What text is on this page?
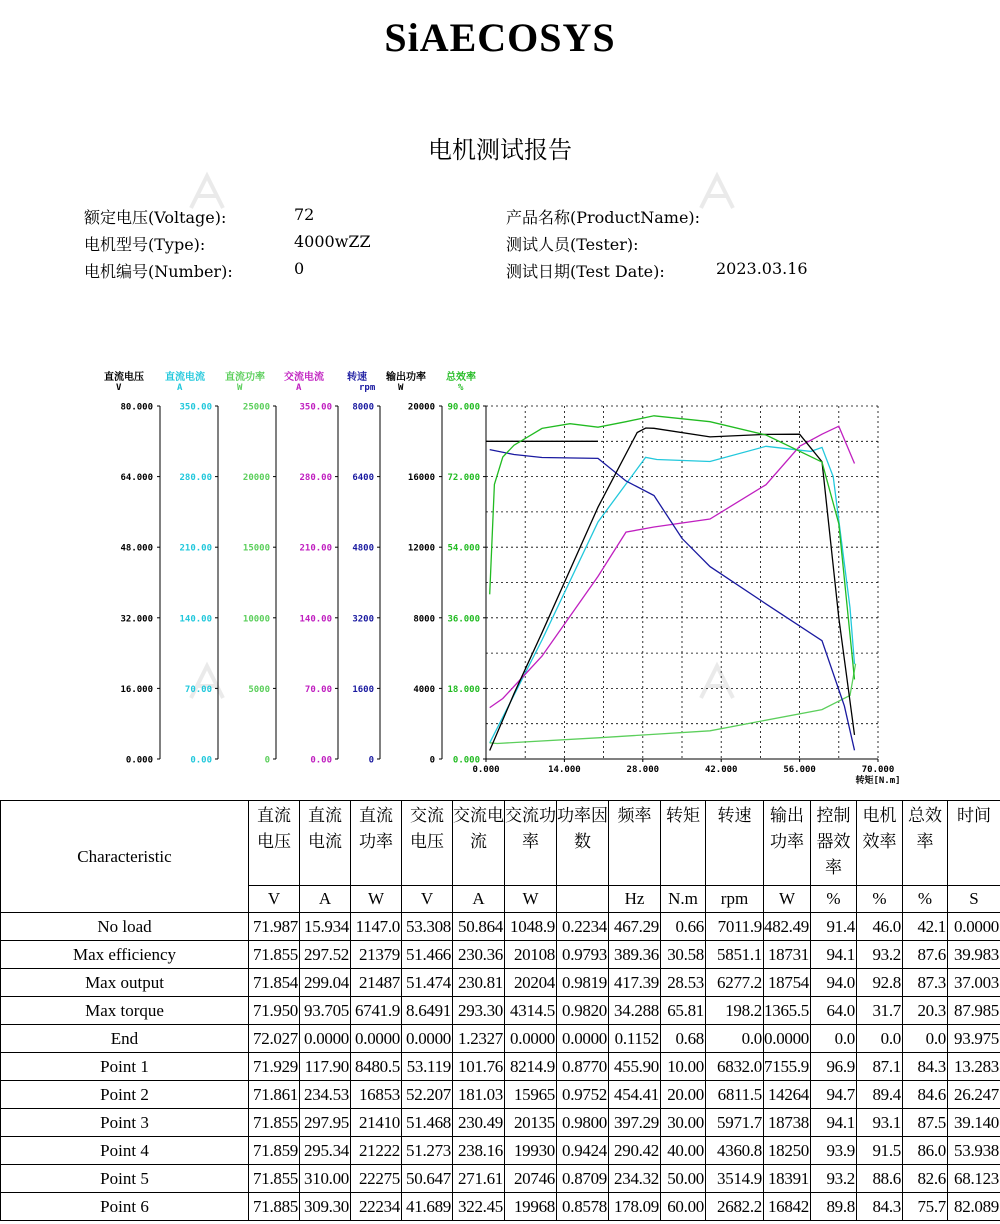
SiAECOSYS
电机测试报告
额定电压(Voltage):	72
电机型号(Type):	4000wZZ
电机编号(Number):	0
产品名称(ProductName):
测试人员(Tester):
测试日期(Test Date):	2023.03.16
直流电压
V
80.000
64.000
48.000
32.000
16.000
0.000
直流电流
A
350.00
280.00
210.00
140.00
70.00
0.00
直流功率
W
25000
20000
15000
10000
5000
0
交流电流
A
350.00
280.00
210.00
140.00
70.00
0.00
转速
rpm
8000
6400
4800
3200
1600
0
输出功率
W
20000
16000
12000
8000
4000
0
总效率
%
90.000
72.000
54.000
36.000
18.000
0.000
0.000	14.000	28.000	42.000	56.000	70.000
转矩[N.m]
Characteristic	直流电压	直流电流	直流功率	交流电压	交流电流	交流功率	功率因数	频率	转矩	转速	输出功率	控制器效率	电机效率	总效率	时间
	V	A	W	V	A	W		Hz	N.m	rpm	W	%	%	%	S
No load	71.987	15.934	1147.0	53.308	50.864	1048.9	0.2234	467.29	0.66	7011.9	482.49	91.4	46.0	42.1	0.0000
Max efficiency	71.855	297.52	21379	51.466	230.36	20108	0.9793	389.36	30.58	5851.1	18731	94.1	93.2	87.6	39.983
Max output	71.854	299.04	21487	51.474	230.81	20204	0.9819	417.39	28.53	6277.2	18754	94.0	92.8	87.3	37.003
Max torque	71.950	93.705	6741.9	8.6491	293.30	4314.5	0.9820	34.288	65.81	198.2	1365.5	64.0	31.7	20.3	87.985
End	72.027	0.0000	0.0000	0.0000	1.2327	0.0000	0.0000	0.1152	0.68	0.0	0.0000	0.0	0.0	0.0	93.975
Point 1	71.929	117.90	8480.5	53.119	101.76	8214.9	0.8770	455.90	10.00	6832.0	7155.9	96.9	87.1	84.3	13.283
Point 2	71.861	234.53	16853	52.207	181.03	15965	0.9752	454.41	20.00	6811.5	14264	94.7	89.4	84.6	26.247
Point 3	71.855	297.95	21410	51.468	230.49	20135	0.9800	397.29	30.00	5971.7	18738	94.1	93.1	87.5	39.140
Point 4	71.859	295.34	21222	51.273	238.16	19930	0.9424	290.42	40.00	4360.8	18250	93.9	91.5	86.0	53.938
Point 5	71.855	310.00	22275	50.647	271.61	20746	0.8709	234.32	50.00	3514.9	18391	93.2	88.6	82.6	68.123
Point 6	71.885	309.30	22234	41.689	322.45	19968	0.8578	178.09	60.00	2682.2	16842	89.8	84.3	75.7	82.089
